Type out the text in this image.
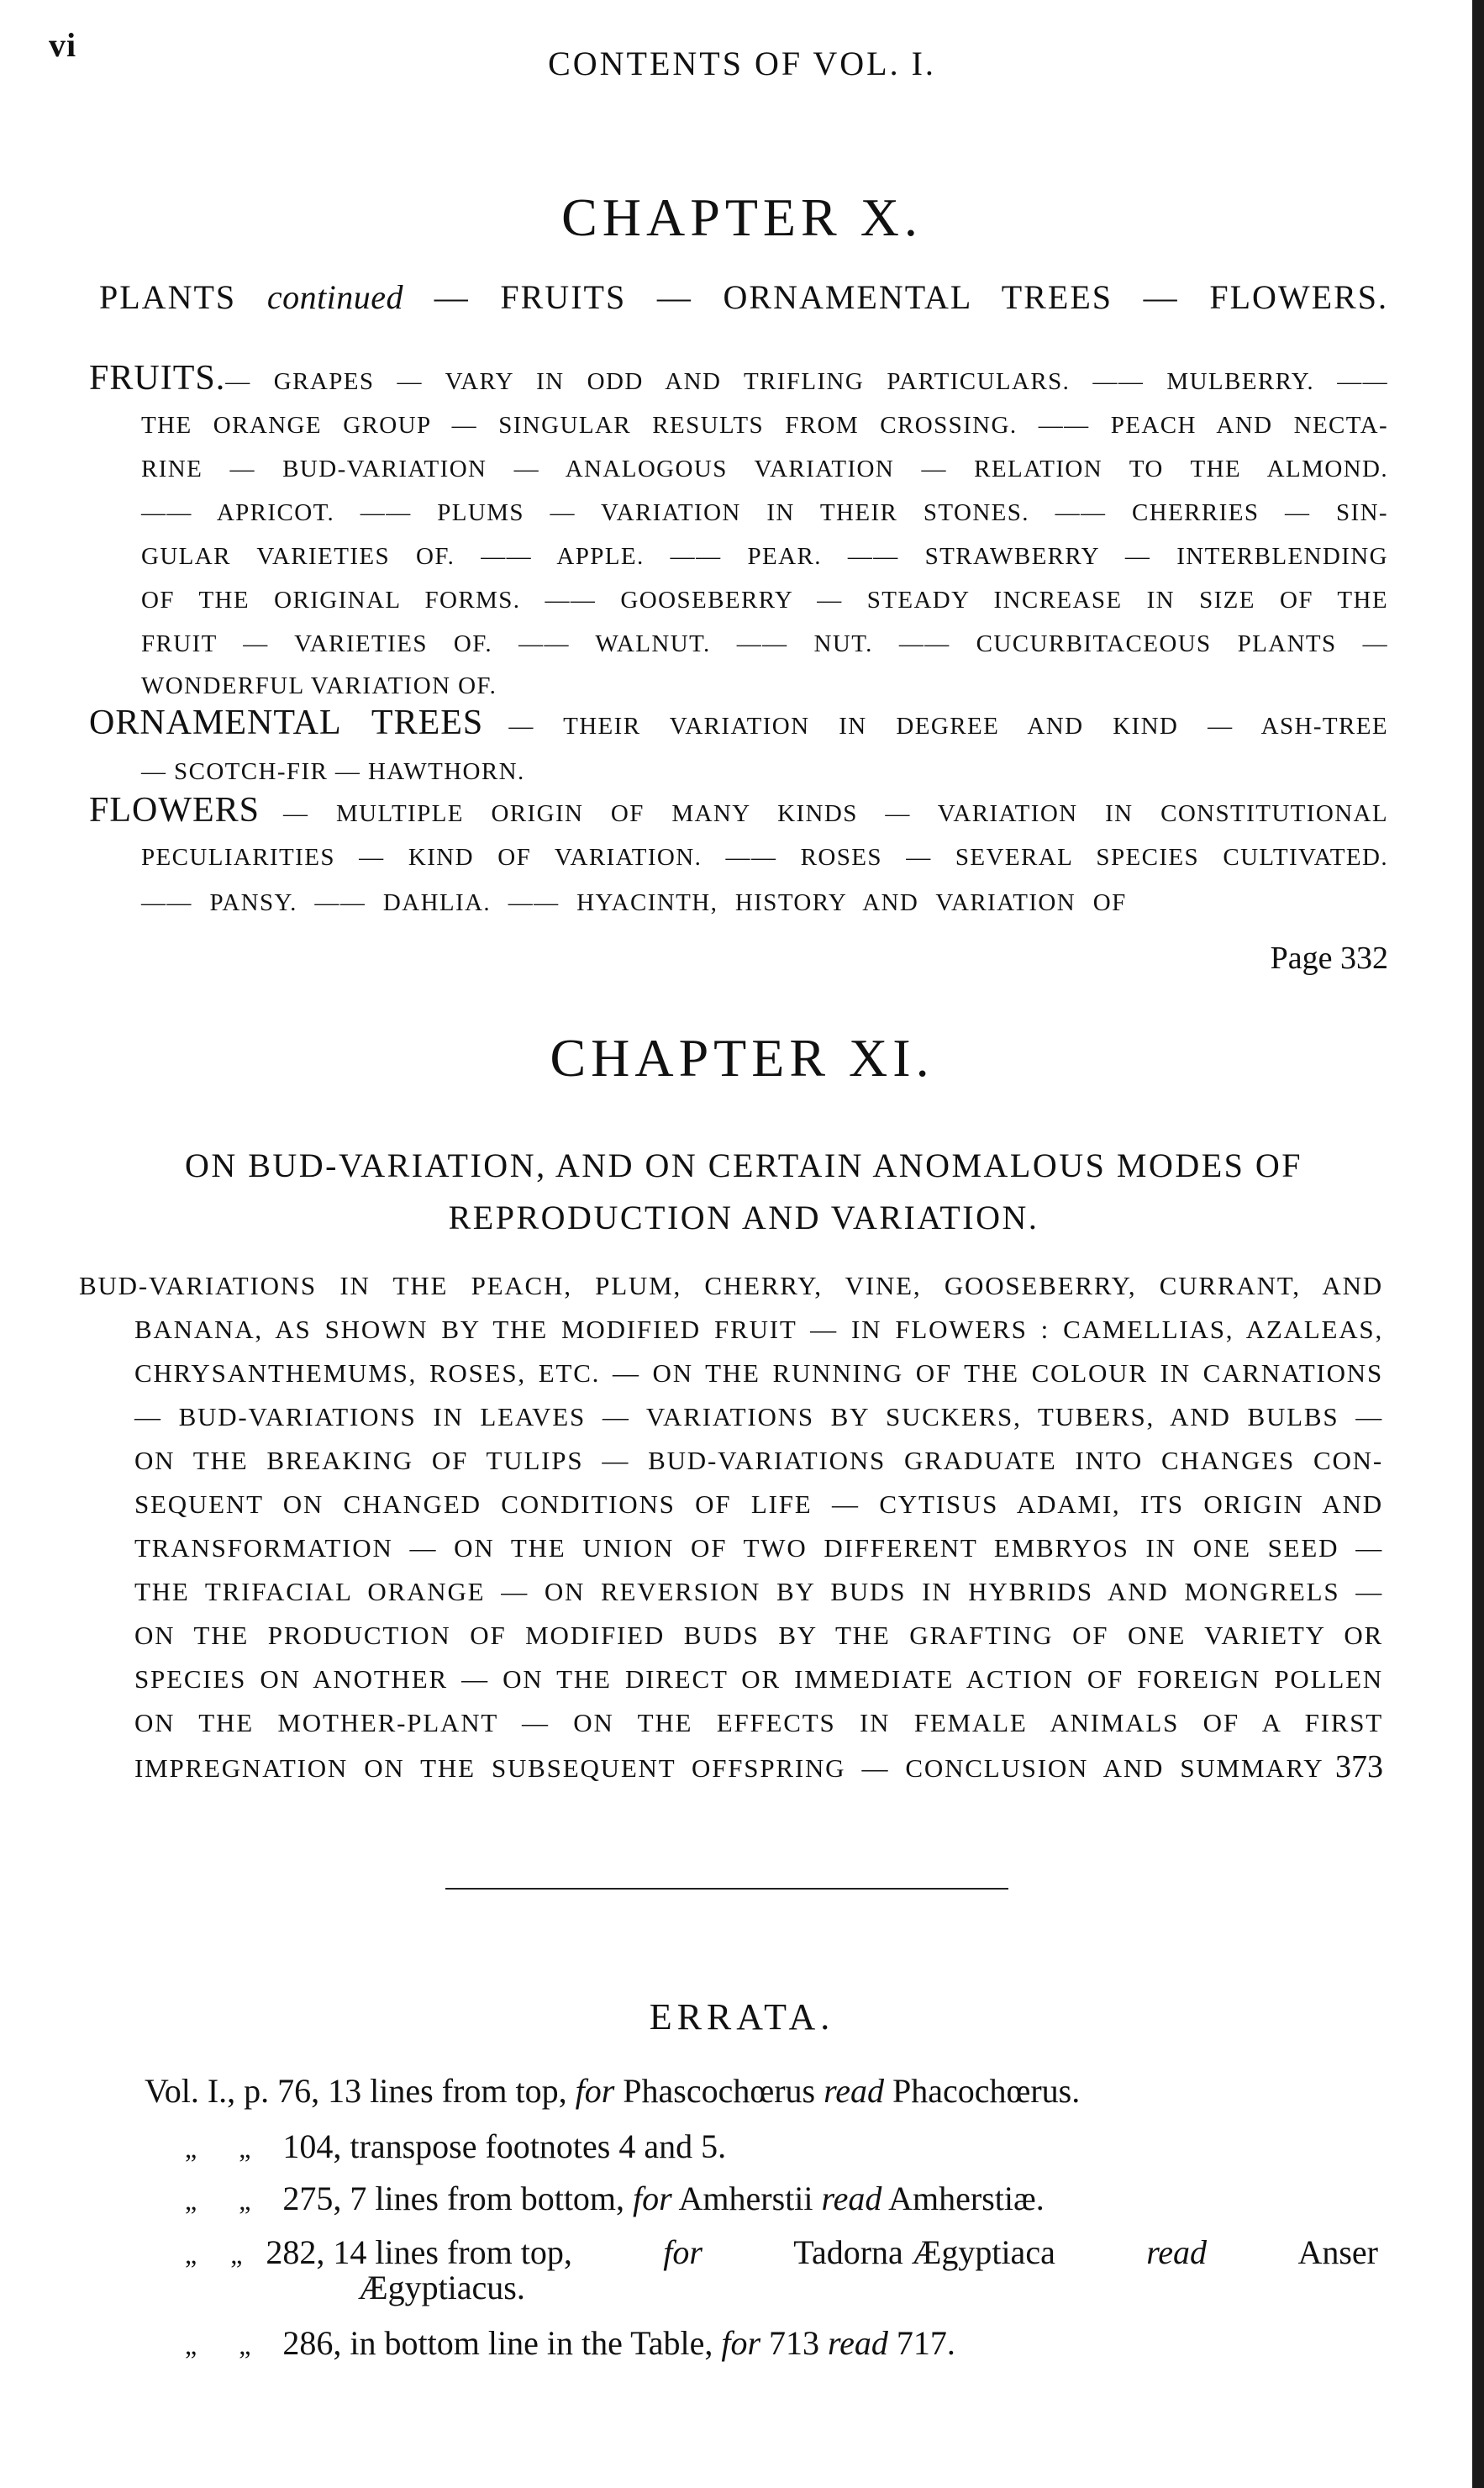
vi	CONTENTS OF VOL. I.
CHAPTER X.
PLANTS continued — FRUITS — ORNAMENTAL TREES — FLOWERS.
FRUITS.— GRAPES — VARY IN ODD AND TRIFLING PARTICULARS. —— MULBERRY. ——
THE ORANGE GROUP — SINGULAR RESULTS FROM CROSSING. —— PEACH AND NECTA-
RINE — BUD-VARIATION — ANALOGOUS VARIATION — RELATION TO THE ALMOND.
—— APRICOT. —— PLUMS — VARIATION IN THEIR STONES. —— CHERRIES — SIN-
GULAR VARIETIES OF. —— APPLE. —— PEAR. —— STRAWBERRY — INTERBLENDING
OF THE ORIGINAL FORMS. —— GOOSEBERRY — STEADY INCREASE IN SIZE OF THE
FRUIT — VARIETIES OF. —— WALNUT. —— NUT. —— CUCURBITACEOUS PLANTS —
WONDERFUL VARIATION OF.
ORNAMENTAL TREES — THEIR VARIATION IN DEGREE AND KIND — ASH-TREE
— SCOTCH-FIR — HAWTHORN.
FLOWERS — MULTIPLE ORIGIN OF MANY KINDS — VARIATION IN CONSTITUTIONAL
PECULIARITIES — KIND OF VARIATION. —— ROSES — SEVERAL SPECIES CULTIVATED.
—— PANSY. —— DAHLIA. —— HYACINTH, HISTORY AND VARIATION OF
Page 332
CHAPTER XI.
ON BUD-VARIATION, AND ON CERTAIN ANOMALOUS MODES OF
REPRODUCTION AND VARIATION.
BUD-VARIATIONS IN THE PEACH, PLUM, CHERRY, VINE, GOOSEBERRY, CURRANT, AND
BANANA, AS SHOWN BY THE MODIFIED FRUIT — IN FLOWERS : CAMELLIAS, AZALEAS,
CHRYSANTHEMUMS, ROSES, ETC. — ON THE RUNNING OF THE COLOUR IN CARNATIONS
— BUD-VARIATIONS IN LEAVES — VARIATIONS BY SUCKERS, TUBERS, AND BULBS —
ON THE BREAKING OF TULIPS — BUD-VARIATIONS GRADUATE INTO CHANGES CON-
SEQUENT ON CHANGED CONDITIONS OF LIFE — CYTISUS ADAMI, ITS ORIGIN AND
TRANSFORMATION — ON THE UNION OF TWO DIFFERENT EMBRYOS IN ONE SEED —
THE TRIFACIAL ORANGE — ON REVERSION BY BUDS IN HYBRIDS AND MONGRELS —
ON THE PRODUCTION OF MODIFIED BUDS BY THE GRAFTING OF ONE VARIETY OR
SPECIES ON ANOTHER — ON THE DIRECT OR IMMEDIATE ACTION OF FOREIGN POLLEN
ON THE MOTHER-PLANT — ON THE EFFECTS IN FEMALE ANIMALS OF A FIRST
IMPREGNATION ON THE SUBSEQUENT OFFSPRING — CONCLUSION AND SUMMARY 373
ERRATA.
Vol. I., p. 76, 13 lines from top, for Phascochœrus read Phacochœrus.
„ „ 104, transpose footnotes 4 and 5.
„ „ 275, 7 lines from bottom, for Amherstii read Amherstiæ.
„ „ 282, 14 lines from top,	for	Tadorna Ægyptiaca	read	Anser
Ægyptiacus.
„ „ 286, in bottom line in the Table, for 713 read 717.
